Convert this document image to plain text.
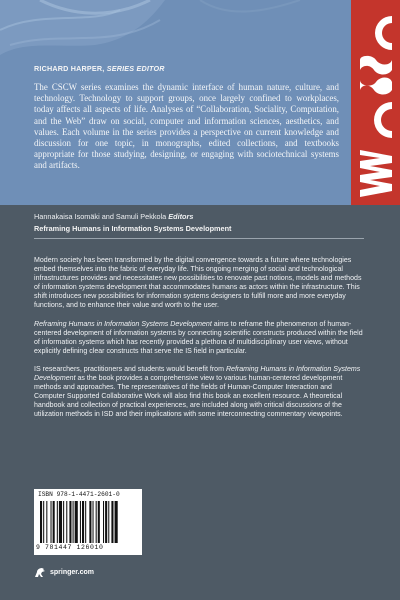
RICHARD HARPER, SERIES EDITOR
The CSCW series examines the dynamic interface of human nature, culture, and technology. Technology to support groups, once largely confined to workplaces, today affects all aspects of life. Analyses of “Collaboration, Sociality, Computation, and the Web” draw on social, computer and information sciences, aesthetics, and values. Each volume in the series provides a perspective on current knowledge and discussion for one topic, in monographs, edited collections, and textbooks appropriate for those studying, designing, or engaging with sociotechnical systems and artifacts.
Hannakaisa Isomäki and Samuli Pekkola Editors
Reframing Humans in Information Systems Development

Modern society has been transformed by the digital convergence towards a future where technologies embed themselves into the fabric of everyday life. This ongoing merging of social and technological infrastructures provides and necessitates new possibilities to renovate past notions, models and methods of information systems development that accommodates humans as actors within the infrastructure. This shift introduces new possibilities for information systems designers to fulfill more and more everyday functions, and to enhance their value and worth to the user.

Reframing Humans in Information Systems Development aims to reframe the phenomenon of human-centered development of information systems by connecting scientific constructs produced within the field of information systems which has recently provided a plethora of multidisciplinary user views, without explicitly defining clear constructs that serve the IS field in particular.

IS researchers, practitioners and students would benefit from Reframing Humans in Information Systems Development as the book provides a comprehensive view to various human-centered development methods and approaches. The representatives of the fields of Human-Computer Interaction and Computer Supported Collaborative Work will also find this book an excellent resource. A theoretical handbook and collection of practical experiences, are included along with critical discussions of the utilization methods in ISD and their implications with some interconnecting commentary viewpoints.

ISBN 978-1-4471-2601-0
9 781447 126010
springer.com
